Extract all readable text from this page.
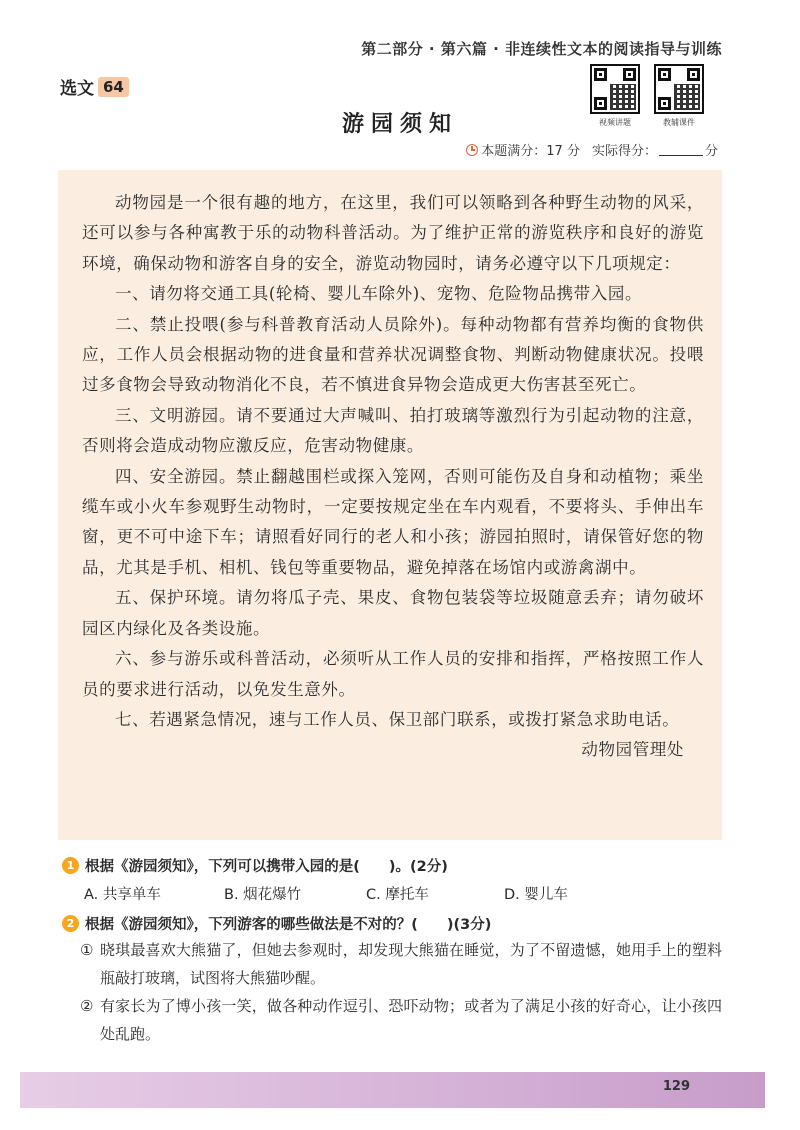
第二部分 · 第六篇 · 非连续性文本的阅读指导与训练
选文 64
游园须知	视频讲题	教辅课件
本题满分：17 分 实际得分：	分

动物园是一个很有趣的地方，在这里，我们可以领略到各种野生动物的风采，还可以参与各种寓教于乐的动物科普活动。为了维护正常的游览秩序和良好的游览环境，确保动物和游客自身的安全，游览动物园时，请务必遵守以下几项规定：

一、请勿将交通工具(轮椅、婴儿车除外)、宠物、危险物品携带入园。

二、禁止投喂(参与科普教育活动人员除外)。每种动物都有营养均衡的食物供应，工作人员会根据动物的进食量和营养状况调整食物、判断动物健康状况。投喂过多食物会导致动物消化不良，若不慎进食异物会造成更大伤害甚至死亡。

三、文明游园。请不要通过大声喊叫、拍打玻璃等激烈行为引起动物的注意，否则将会造成动物应激反应，危害动物健康。

四、安全游园。禁止翻越围栏或探入笼网，否则可能伤及自身和动植物；乘坐缆车或小火车参观野生动物时，一定要按规定坐在车内观看，不要将头、手伸出车窗，更不可中途下车；请照看好同行的老人和小孩；游园拍照时，请保管好您的物品，尤其是手机、相机、钱包等重要物品，避免掉落在场馆内或游禽湖中。

五、保护环境。请勿将瓜子壳、果皮、食物包装袋等垃圾随意丢弃；请勿破坏园区内绿化及各类设施。

六、参与游乐或科普活动，必须听从工作人员的安排和指挥，严格按照工作人员的要求进行活动，以免发生意外。

七、若遇紧急情况，速与工作人员、保卫部门联系，或拨打紧急求助电话。

动物园管理处

1 根据《游园须知》，下列可以携带入园的是(　　)。(2分)
A. 共享单车	B. 烟花爆竹	C. 摩托车	D. 婴儿车
2 根据《游园须知》，下列游客的哪些做法是不对的？(　　)(3分)
① 晓琪最喜欢大熊猫了，但她去参观时，却发现大熊猫在睡觉，为了不留遗憾，她用手上的塑料瓶敲打玻璃，试图将大熊猫吵醒。
② 有家长为了博小孩一笑，做各种动作逗引、恐吓动物；或者为了满足小孩的好奇心，让小孩四处乱跑。
129
